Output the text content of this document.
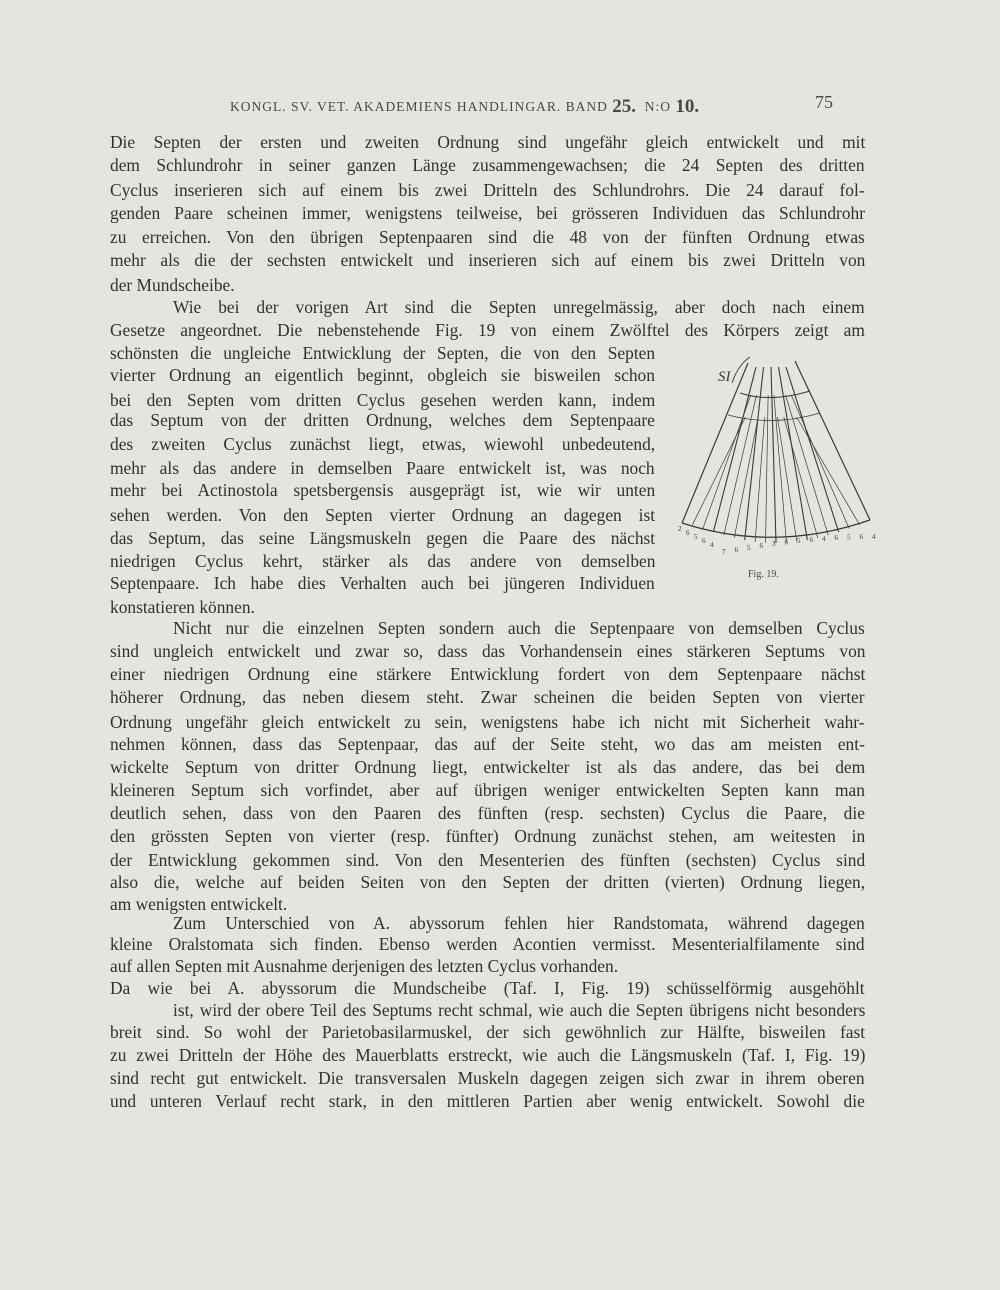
KONGL. SV. VET. AKADEMIENS HANDLINGAR. BAND 25. N:O 10.	75
Die Septen der ersten und zweiten Ordnung sind ungefähr gleich entwickelt und mit
dem Schlundrohr in seiner ganzen Länge zusammengewachsen; die 24 Septen des dritten
Cyclus inserieren sich auf einem bis zwei Dritteln des Schlundrohrs. Die 24 darauf fol-
genden Paare scheinen immer, wenigstens teilweise, bei grösseren Individuen das Schlundrohr
zu erreichen. Von den übrigen Septenpaaren sind die 48 von der fünften Ordnung etwas
mehr als die der sechsten entwickelt und inserieren sich auf einem bis zwei Dritteln von
der Mundscheibe.
Wie bei der vorigen Art sind die Septen unregelmässig, aber doch nach einem
Gesetze angeordnet. Die nebenstehende Fig. 19 von einem Zwölftel des Körpers zeigt am
schönsten die ungleiche Entwicklung der Septen, die von den Septen
vierter Ordnung an eigentlich beginnt, obgleich sie bisweilen schon
bei den Septen vom dritten Cyclus gesehen werden kann, indem
das Septum von der dritten Ordnung, welches dem Septenpaare
des zweiten Cyclus zunächst liegt, etwas, wiewohl unbedeutend,
mehr als das andere in demselben Paare entwickelt ist, was noch
mehr bei Actinostola spetsbergensis ausgeprägt ist, wie wir unten
sehen werden. Von den Septen vierter Ordnung an dagegen ist
das Septum, das seine Längsmuskeln gegen die Paare des nächst
niedrigen Cyclus kehrt, stärker als das andere von demselben
Septenpaare. Ich habe dies Verhalten auch bei jüngeren Individuen
konstatieren können.
Nicht nur die einzelnen Septen sondern auch die Septenpaare von demselben Cyclus
sind ungleich entwickelt und zwar so, dass das Vorhandensein eines stärkeren Septums von
einer niedrigen Ordnung eine stärkere Entwicklung fordert von dem Septenpaare nächst
höherer Ordnung, das neben diesem steht. Zwar scheinen die beiden Septen von vierter
Ordnung ungefähr gleich entwickelt zu sein, wenigstens habe ich nicht mit Sicherheit wahr-
nehmen können, dass das Septenpaar, das auf der Seite steht, wo das am meisten ent-
wickelte Septum von dritter Ordnung liegt, entwickelter ist als das andere, das bei dem
kleineren Septum sich vorfindet, aber auf übrigen weniger entwickelten Septen kann man
deutlich sehen, dass von den Paaren des fünften (resp. sechsten) Cyclus die Paare, die
den grössten Septen von vierter (resp. fünfter) Ordnung zunächst stehen, am weitesten in
der Entwicklung gekommen sind. Von den Mesenterien des fünften (sechsten) Cyclus sind
also die, welche auf beiden Seiten von den Septen der dritten (vierten) Ordnung liegen,
am wenigsten entwickelt.
Zum Unterschied von A. abyssorum fehlen hier Randstomata, während dagegen
kleine Oralstomata sich finden. Ebenso werden Acontien vermisst. Mesenterialfilamente sind
auf allen Septen mit Ausnahme derjenigen des letzten Cyclus vorhanden.
Da wie bei A. abyssorum die Mundscheibe (Taf. I, Fig. 19) schüsselförmig ausgehöhlt
ist, wird der obere Teil des Septums recht schmal, wie auch die Septen übrigens nicht besonders
breit sind. So wohl der Parietobasilarmuskel, der sich gewöhnlich zur Hälfte, bisweilen fast
zu zwei Dritteln der Höhe des Mauerblatts erstreckt, wie auch die Längsmuskeln (Taf. I, Fig. 19)
sind recht gut entwickelt. Die transversalen Muskeln dagegen zeigen sich zwar in ihrem oberen
und unteren Verlauf recht stark, in den mittleren Partien aber wenig entwickelt. Sowohl die
SI
2 6 5 6 4
7 6 5 6 3 6 5 6 4 6 5 6 4
Fig. 19.
